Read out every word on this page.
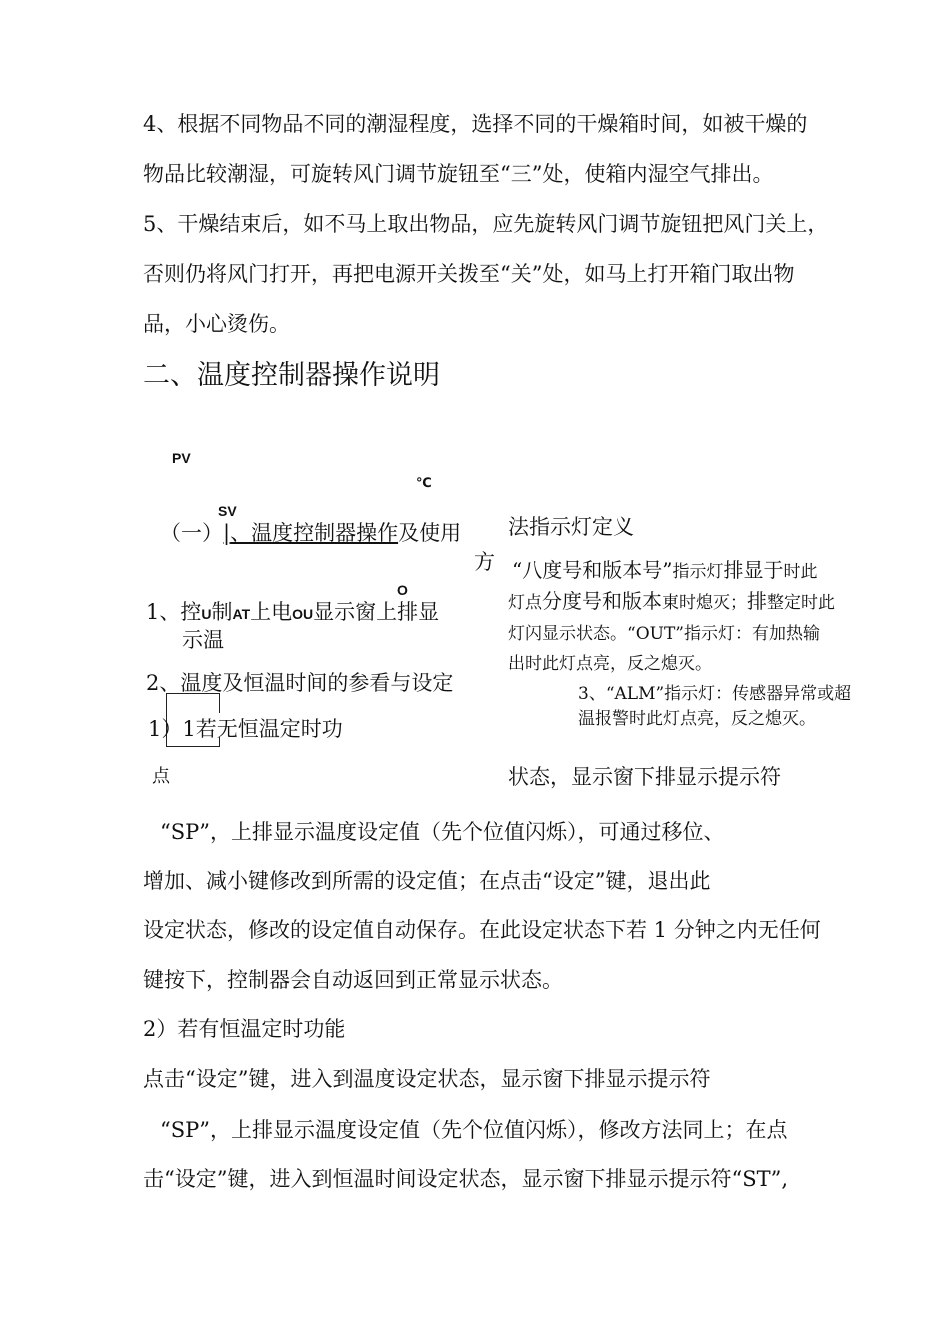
4、根据不同物品不同的潮湿程度，选择不同的干燥箱时间，如被干燥的
物品比较潮湿，可旋转风门调节旋钮至“三”处，使箱内湿空气排出。
5、干燥结束后，如不马上取出物品，应先旋转风门调节旋钮把风门关上，
否则仍将风门打开，再把电源开关拨至“关”处，如马上打开箱门取出物
品，小心烫伤。
二、温度控制器操作说明
PV
℃
SV
O
（一）|、温度控制器操作及使用
方
1、控U制AT上电OU显示窗上排显
示温
2、温度及恒温时间的参看与设定
1）1若无恒温定时功
点
法指示灯定义
“八度号和版本号”指示灯排显于时此
灯点分度号和版本東时熄灭；排整定时此
灯闪显示状态。“OUT”指示灯：有加热输
出时此灯点亮，反之熄灭。
3、“ALM”指示灯：传感器异常或超
温报警时此灯点亮，反之熄灭。
状态，显示窗下排显示提示符
“SP”，上排显示温度设定值（先个位值闪烁），可通过移位、
增加、减小键修改到所需的设定值；在点击“设定”键，退出此
设定状态，修改的设定值自动保存。在此设定状态下若 1 分钟之内无任何
键按下，控制器会自动返回到正常显示状态。
2）若有恒温定时功能
点击“设定”键，进入到温度设定状态，显示窗下排显示提示符
“SP”，上排显示温度设定值（先个位值闪烁），修改方法同上；在点
击“设定”键，进入到恒温时间设定状态，显示窗下排显示提示符“ST”,
